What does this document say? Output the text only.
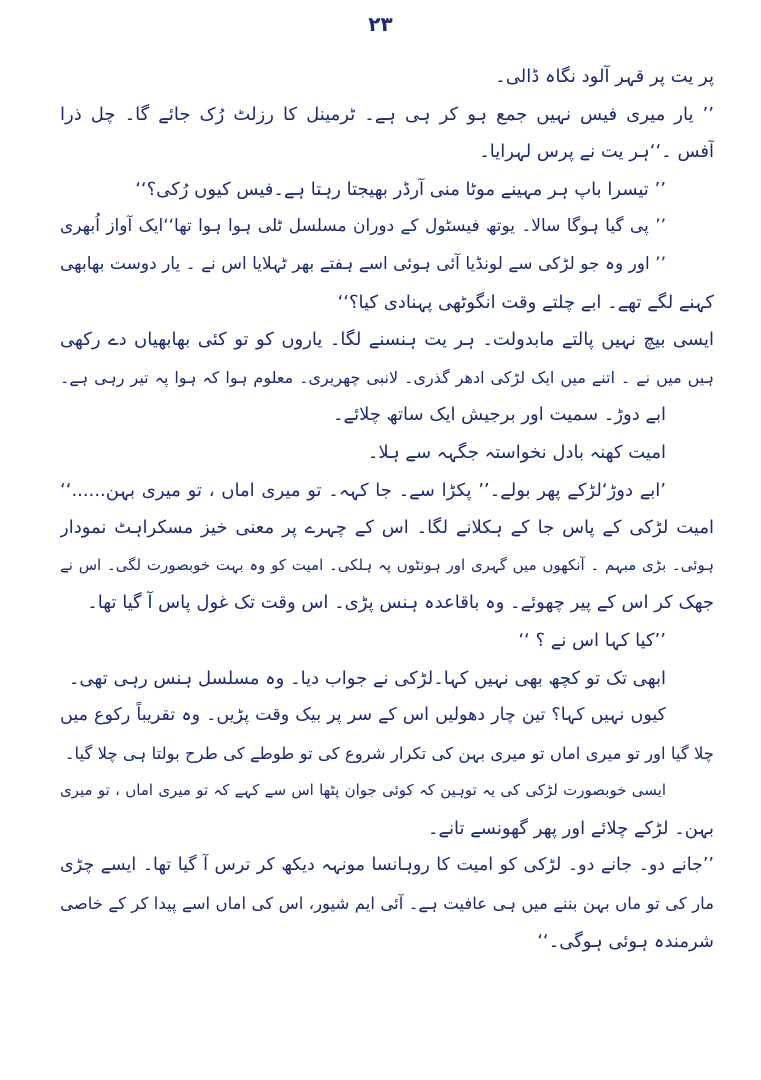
۲۳
پر یت پر قہر آلود نگاہ ڈالی۔
’’ یار میری فیس نہیں جمع ہو کر ہی ہے۔ ٹرمینل کا رزلٹ رُک جائے گا۔ چل ذرا
آفس ۔‘‘ہر یت نے پرس لہرایا۔
’’ تیسرا باپ ہر مہینے موٹا منی آرڈر بھیجتا رہتا ہے۔فیس کیوں رُکی؟‘‘
’’ پی گیا ہوگا سالا۔ یوتھ فیسٹول کے دوران مسلسل ٹلی ہوا ہوا تھا‘‘ایک آواز اُبھری
’’ اور وہ جو لڑکی سے لونڈیا آئی ہوئی اسے ہفتے بھر ٹہلایا اس نے ۔ یار دوست بھابھی
کہنے لگے تھے۔ ابے چلتے وقت انگوٹھی پہنادی کیا؟‘‘
ایسی بیچ نہیں پالتے مابدولت۔ ہر یت ہنسنے لگا۔ یاروں کو تو کئی بھابھیاں دے رکھی
ہیں میں نے ۔ اتنے میں ایک لڑکی ادھر گذری۔ لانبی چھریری۔ معلوم ہوا کہ ہوا پہ تیر رہی ہے۔
ابے دوڑ۔ سمیت اور برجیش ایک ساتھ چلائے۔
امیت کھنہ بادل نخواستہ جگہہ سے ہلا۔
’ابے دوڑ‘لڑکے پھر بولے۔’’ پکڑا سے۔ جا کہہ۔ تو میری اماں ، تو میری بہن......‘‘
امیت لڑکی کے پاس جا کے ہکلانے لگا۔ اس کے چہرے پر معنی خیز مسکراہٹ نمودار
ہوئی۔ بڑی مبہم ۔ آنکھوں میں گہری اور ہونٹوں پہ ہلکی۔ امیت کو وہ بہت خوبصورت لگی۔ اس نے
جھک کر اس کے پیر چھوئے۔ وہ باقاعدہ ہنس پڑی۔ اس وقت تک غول پاس آ گیا تھا۔
’’کیا کہا اس نے ؟ ‘‘
ابھی تک تو کچھ بھی نہیں کہا۔لڑکی نے جواب دیا۔ وہ مسلسل ہنس رہی تھی۔
کیوں نہیں کہا؟ تین چار دھولیں اس کے سر پر بیک وقت پڑیں۔ وہ تقریباً رکوع میں
چلا گیا اور تو میری اماں تو میری بہن کی تکرار شروع کی تو طوطے کی طرح بولتا ہی چلا گیا۔
ایسی خوبصورت لڑکی کی یہ توہین کہ کوئی جوان پٹھا اس سے کہے کہ تو میری اماں ، تو میری
بہن۔ لڑکے چلائے اور پھر گھونسے تانے۔
’’جانے دو۔ جانے دو۔ لڑکی کو امیت کا روہانسا مونہہ دیکھ کر ترس آ گیا تھا۔ ایسے چڑی
مار کی تو ماں بہن بننے میں ہی عافیت ہے۔ آئی ایم شیور، اس کی اماں اسے پیدا کر کے خاصی
شرمندہ ہوئی ہوگی۔‘‘
